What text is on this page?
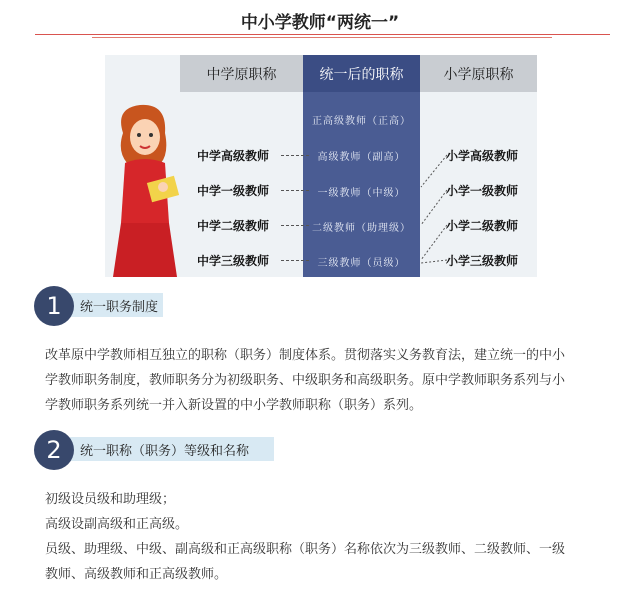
中小学教师“两统一”
中学原职称	统一后的职称	小学原职称
正高级教师（正高）
高级教师（副高）
一级教师（中级）
二级教师（助理级）
三级教师（员级）
中学高级教师
中学一级教师
中学二级教师
中学三级教师
小学高级教师
小学一级教师
小学二级教师
小学三级教师
统一职务制度
1
改革原中学教师相互独立的职称（职务）制度体系。贯彻落实义务教育法，建立统一的中小
学教师职务制度，教师职务分为初级职务、中级职务和高级职务。原中学教师职务系列与小
学教师职务系列统一并入新设置的中小学教师职称（职务）系列。
统一职称（职务）等级和名称
2
初级设员级和助理级；
高级设副高级和正高级。
员级、助理级、中级、副高级和正高级职称（职务）名称依次为三级教师、二级教师、一级
教师、高级教师和正高级教师。
